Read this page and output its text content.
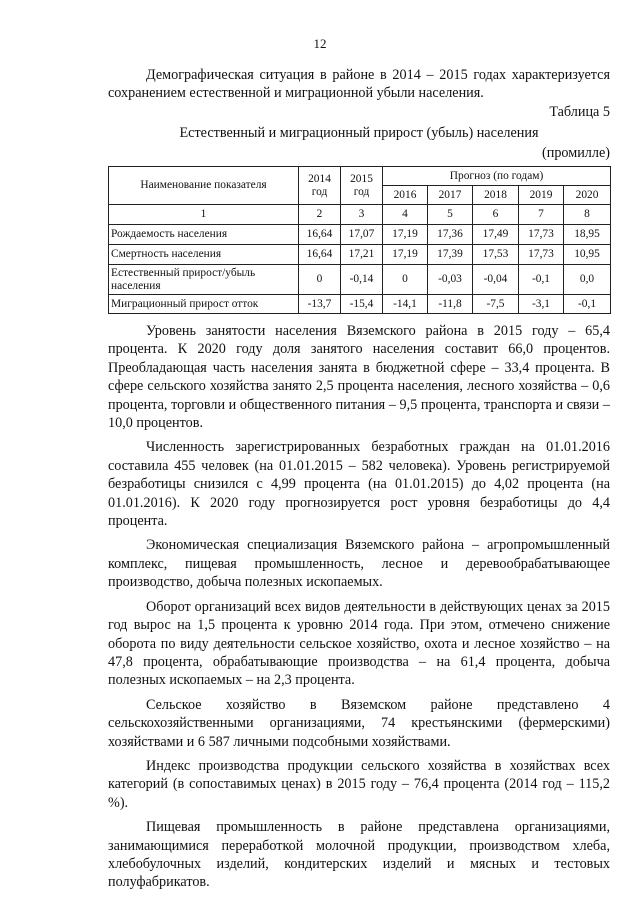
12

Демографическая ситуация в районе в 2014 – 2015 годах характеризуется сохранением естественной и миграционной убыли населения.

Таблица 5
Естественный и миграционный прирост (убыль) населения
(промилле)
Наименование показателя	2014 год	2015 год	Прогноз (по годам)				
			2016	2017	2018	2019	2020
1	2	3	4	5	6	7	8
Рождаемость населения	16,64	17,07	17,19	17,36	17,49	17,73	18,95
Смертность населения	16,64	17,21	17,19	17,39	17,53	17,73	10,95
Естественный прирост/убыль населения	0	-0,14	0	-0,03	-0,04	-0,1	0,0
Миграционный прирост отток	-13,7	-15,4	-14,1	-11,8	-7,5	-3,1	-0,1

Уровень занятости населения Вяземского района в 2015 году – 65,4 процента. К 2020 году доля занятого населения составит 66,0 процентов. Преобладающая часть населения занята в бюджетной сфере – 33,4 процента. В сфере сельского хозяйства занято 2,5 процента населения, лесного хозяйства – 0,6 процента, торговли и общественного питания – 9,5 процента, транспорта и связи – 10,0 процентов.

Численность зарегистрированных безработных граждан на 01.01.2016 составила 455 человек (на 01.01.2015 – 582 человека). Уровень регистрируемой безработицы снизился с 4,99 процента (на 01.01.2015) до 4,02 процента (на 01.01.2016). К 2020 году прогнозируется рост уровня безработицы до 4,4 процента.

Экономическая специализация Вяземского района – агропромышленный комплекс, пищевая промышленность, лесное и деревообрабатывающее производство, добыча полезных ископаемых.

Оборот организаций всех видов деятельности в действующих ценах за 2015 год вырос на 1,5 процента к уровню 2014 года. При этом, отмечено снижение оборота по виду деятельности сельское хозяйство, охота и лесное хозяйство – на 47,8 процента, обрабатывающие производства – на 61,4 процента, добыча полезных ископаемых – на 2,3 процента.

Сельское хозяйство в Вяземском районе представлено 4 сельскохозяйственными организациями, 74 крестьянскими (фермерскими) хозяйствами и 6 587 личными подсобными хозяйствами.

Индекс производства продукции сельского хозяйства в хозяйствах всех категорий (в сопоставимых ценах) в 2015 году – 76,4 процента (2014 год – 115,2 %).

Пищевая промышленность в районе представлена организациями, занимающимися переработкой молочной продукции, производством хлеба, хлебобулочных изделий, кондитерских изделий и мясных и тестовых полуфабрикатов.
